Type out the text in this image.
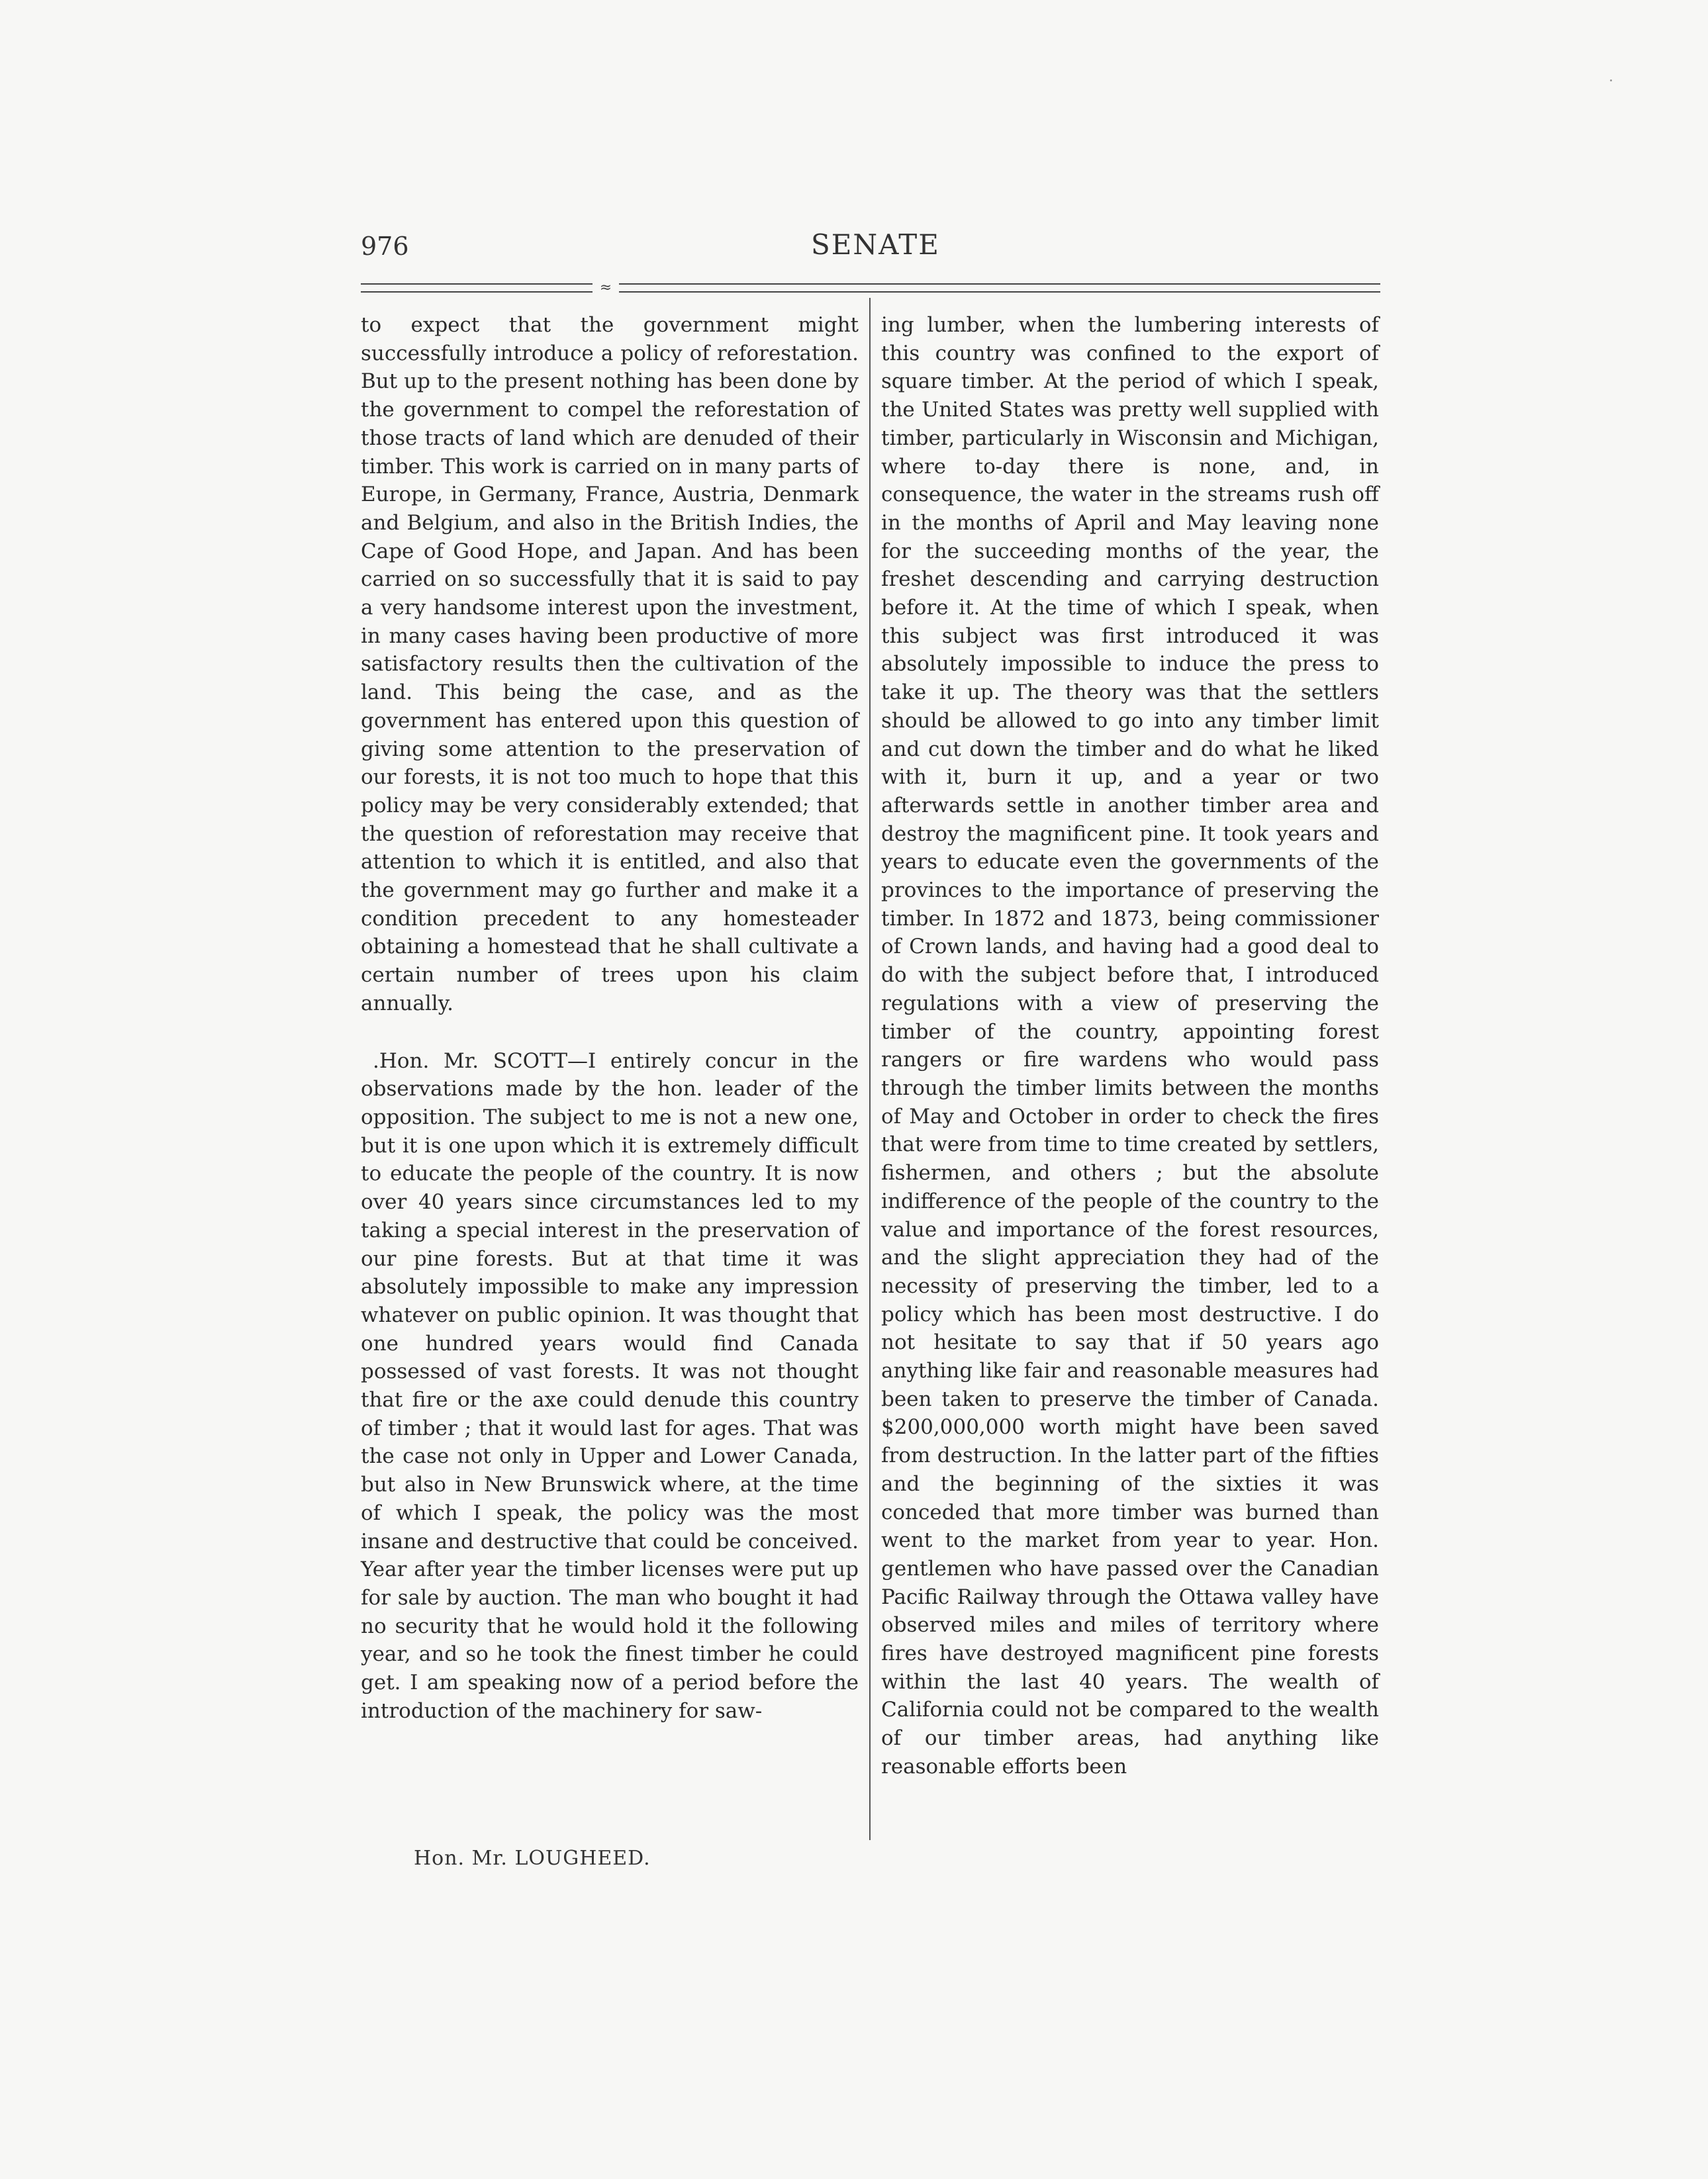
976	SENATE
≈

to expect that the government might successfully introduce a policy of reforestation. But up to the present nothing has been done by the government to compel the reforestation of those tracts of land which are denuded of their timber. This work is carried on in many parts of Europe, in Germany, France, Austria, Denmark and Belgium, and also in the British Indies, the Cape of Good Hope, and Japan. And has been carried on so successfully that it is said to pay a very handsome interest upon the investment, in many cases having been productive of more satisfactory results then the cultivation of the land. This being the case, and as the government has entered upon this question of giving some attention to the preservation of our forests, it is not too much to hope that this policy may be very considerably extended; that the question of reforestation may receive that attention to which it is entitled, and also that the government may go further and make it a condition precedent to any homesteader obtaining a homestead that he shall cultivate a certain number of trees upon his claim annually.

.Hon. Mr. SCOTT—I entirely concur in the observations made by the hon. leader of the opposition. The subject to me is not a new one, but it is one upon which it is extremely difficult to educate the people of the country. It is now over 40 years since circumstances led to my taking a special interest in the preservation of our pine forests. But at that time it was absolutely impossible to make any impression whatever on public opinion. It was thought that one hundred years would find Canada possessed of vast forests. It was not thought that fire or the axe could denude this country of timber ; that it would last for ages. That was the case not only in Upper and Lower Canada, but also in New Brunswick where, at the time of which I speak, the policy was the most insane and destructive that could be conceived. Year after year the timber licenses were put up for sale by auction. The man who bought it had no security that he would hold it the following year, and so he took the finest timber he could get. I am speaking now of a period before the introduction of the machinery for saw-

ing lumber, when the lumbering interests of this country was confined to the export of square timber. At the period of which I speak, the United States was pretty well supplied with timber, particularly in Wisconsin and Michigan, where to-day there is none, and, in consequence, the water in the streams rush off in the months of April and May leaving none for the succeeding months of the year, the freshet descending and carrying destruction before it. At the time of which I speak, when this subject was first introduced it was absolutely impossible to induce the press to take it up. The theory was that the settlers should be allowed to go into any timber limit and cut down the timber and do what he liked with it, burn it up, and a year or two afterwards settle in another timber area and destroy the magnificent pine. It took years and years to educate even the governments of the provinces to the importance of preserving the timber. In 1872 and 1873, being commissioner of Crown lands, and having had a good deal to do with the subject before that, I introduced regulations with a view of preserving the timber of the country, appointing forest rangers or fire wardens who would pass through the timber limits between the months of May and October in order to check the fires that were from time to time created by settlers, fishermen, and others ; but the absolute indifference of the people of the country to the value and importance of the forest resources, and the slight appreciation they had of the necessity of preserving the timber, led to a policy which has been most destructive. I do not hesitate to say that if 50 years ago anything like fair and reasonable measures had been taken to preserve the timber of Canada. $200,000,000 worth might have been saved from destruction. In the latter part of the fifties and the beginning of the sixties it was conceded that more timber was burned than went to the market from year to year. Hon. gentlemen who have passed over the Canadian Pacific Railway through the Ottawa valley have observed miles and miles of territory where fires have destroyed magnificent pine forests within the last 40 years. The wealth of California could not be compared to the wealth of our timber areas, had anything like reasonable efforts been

Hon. Mr. LOUGHEED.
